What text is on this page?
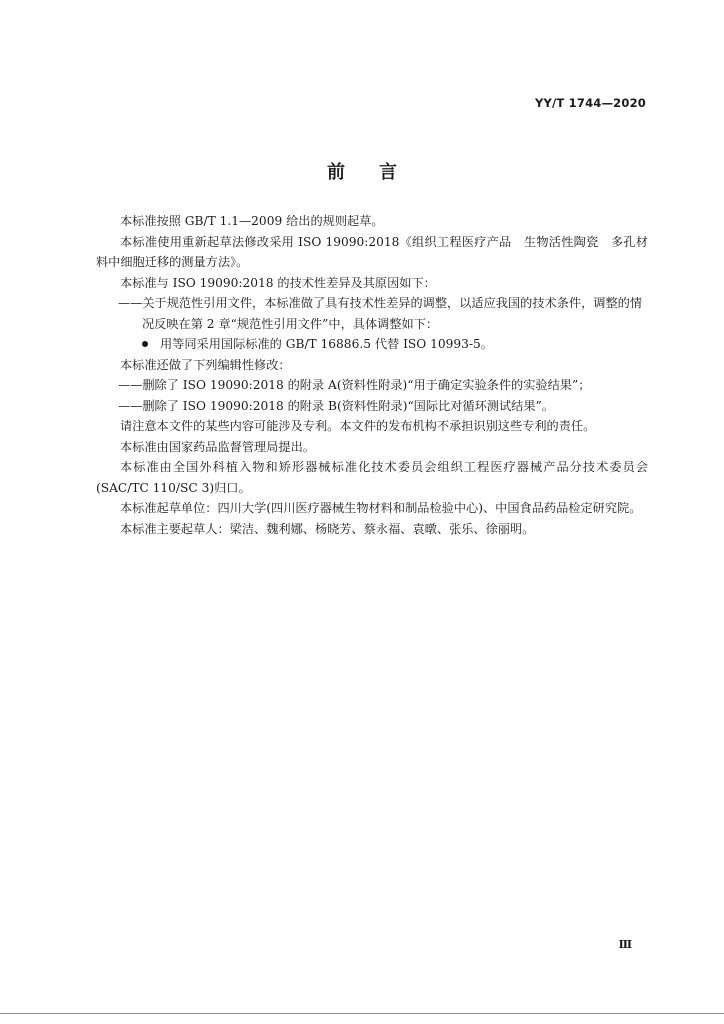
YY/T 1744—2020
前言

本标准按照 GB/T 1.1—2009 给出的规则起草。

本标准使用重新起草法修改采用 ISO 19090:2018《组织工程医疗产品　生物活性陶瓷　多孔材料中细胞迁移的测量方法》。

本标准与 ISO 19090:2018 的技术性差异及其原因如下：

——关于规范性引用文件，本标准做了具有技术性差异的调整，以适应我国的技术条件，调整的情

况反映在第 2 章“规范性引用文件”中，具体调整如下：

用等同采用国际标准的 GB/T 16886.5 代替 ISO 10993-5。

本标准还做了下列编辑性修改：

——删除了 ISO 19090:2018 的附录 A(资料性附录)“用于确定实验条件的实验结果”；

——删除了 ISO 19090:2018 的附录 B(资料性附录)“国际比对循环测试结果”。

请注意本文件的某些内容可能涉及专利。本文件的发布机构不承担识别这些专利的责任。

本标准由国家药品监督管理局提出。

本标准由全国外科植入物和矫形器械标准化技术委员会组织工程医疗器械产品分技术委员会(SAC/TC 110/SC 3)归口。

本标准起草单位：四川大学(四川医疗器械生物材料和制品检验中心)、中国食品药品检定研究院。

本标准主要起草人：梁洁、魏利娜、杨晓芳、蔡永福、袁暾、张乐、徐丽明。

Ⅲ
